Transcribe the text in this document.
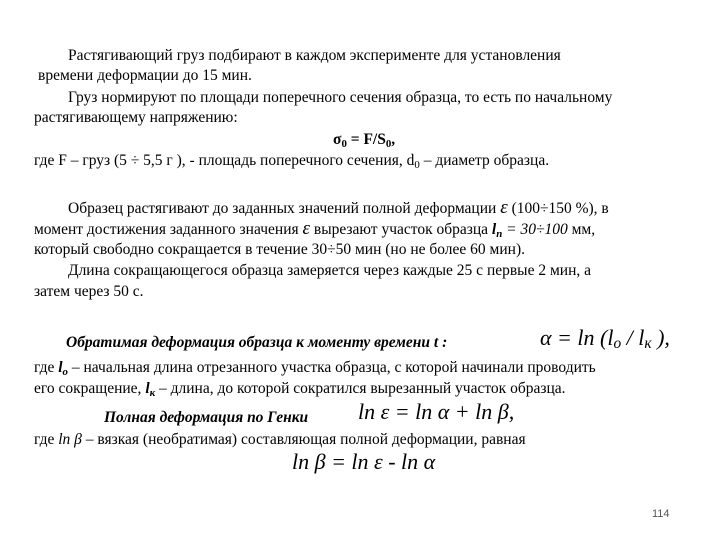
Растягивающий груз подбирают в каждом эксперименте для установления
времени деформации до 15 мин.
Груз нормируют по площади поперечного сечения образца, то есть по начальному
растягивающему напряжению:
$\sigma_0 = F/S_0$,
где F – груз (5 ÷ 5,5 г ), - площадь поперечного сечения, $d_0$ – диаметр образца.
Образец растягивают до заданных значений полной деформации ε (100÷150 %), в
момент достижения заданного значения ε вырезают участок образца $l_п = 30\div 100$ мм,
который свободно сокращается в течение 30÷50 мин (но не более 60 мин).
Длина сокращающегося образца замеряется через каждые 25 с первые 2 мин, а
затем через 50 с.
Обратимая деформация образца к моменту времени t :	$\alpha = \ln (l_o / l_к$ ),
где $l_o$ – начальная длина отрезанного участка образца, с которой начинали проводить
его сокращение, $l_к$ – длина, до которой сократился вырезанный участок образца.
Полная деформация по Генки ln ε = ln α + ln β,
где ln β – вязкая (необратимая) составляющая полной деформации, равная
ln β = ln ε - ln α
114
